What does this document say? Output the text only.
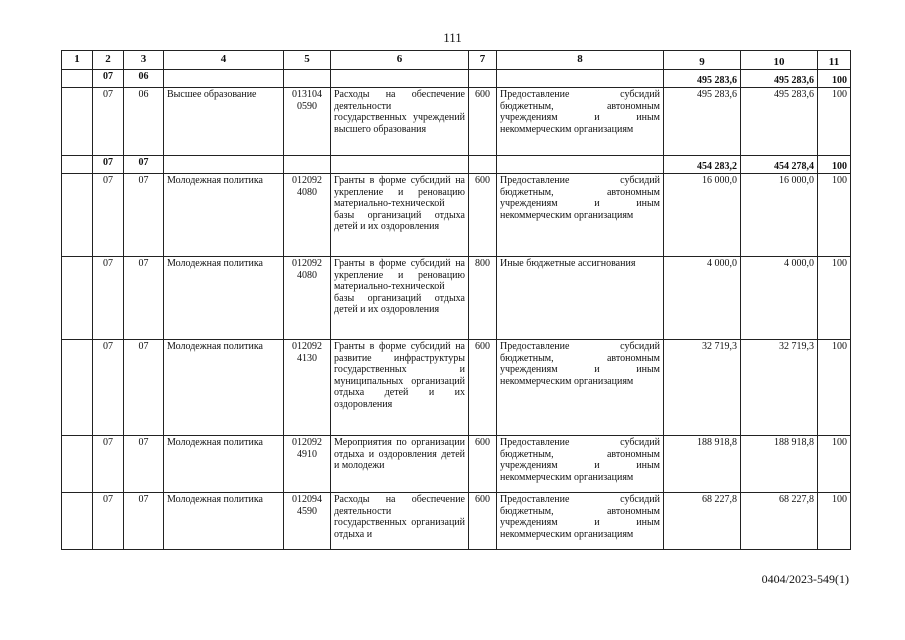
111
1	2	3	4	5	6	7	8	9	10	11
	07	06						495 283,6	495 283,6	100
	07	06	Высшее образование	013104 0590	Расходы на обеспечение деятельности государственных учреждений высшего образования	600	Предоставление субсидий бюджетным, автономным учреждениям и иным некоммерческим организациям	495 283,6	495 283,6	100
	07	07						454 283,2	454 278,4	100
	07	07	Молодежная политика	012092 4080	Гранты в форме субсидий на укрепление и реновацию материально-технической базы организаций отдыха детей и их оздоровления	600	Предоставление субсидий бюджетным, автономным учреждениям и иным некоммерческим организациям	16 000,0	16 000,0	100
	07	07	Молодежная политика	012092 4080	Гранты в форме субсидий на укрепление и реновацию материально-технической базы организаций отдыха детей и их оздоровления	800	Иные бюджетные ассигнования	4 000,0	4 000,0	100
	07	07	Молодежная политика	012092 4130	Гранты в форме субсидий на развитие инфраструктуры государственных и муниципальных организаций отдыха детей и их оздоровления	600	Предоставление субсидий бюджетным, автономным учреждениям и иным некоммерческим организациям	32 719,3	32 719,3	100
	07	07	Молодежная политика	012092 4910	Мероприятия по организации отдыха и оздоровления детей и молодежи	600	Предоставление субсидий бюджетным, автономным учреждениям и иным некоммерческим организациям	188 918,8	188 918,8	100
	07	07	Молодежная политика	012094 4590	Расходы на обеспечение деятельности государственных организаций отдыха и	600	Предоставление субсидий бюджетным, автономным учреждениям и иным некоммерческим организациям	68 227,8	68 227,8	100
0404/2023-549(1)
